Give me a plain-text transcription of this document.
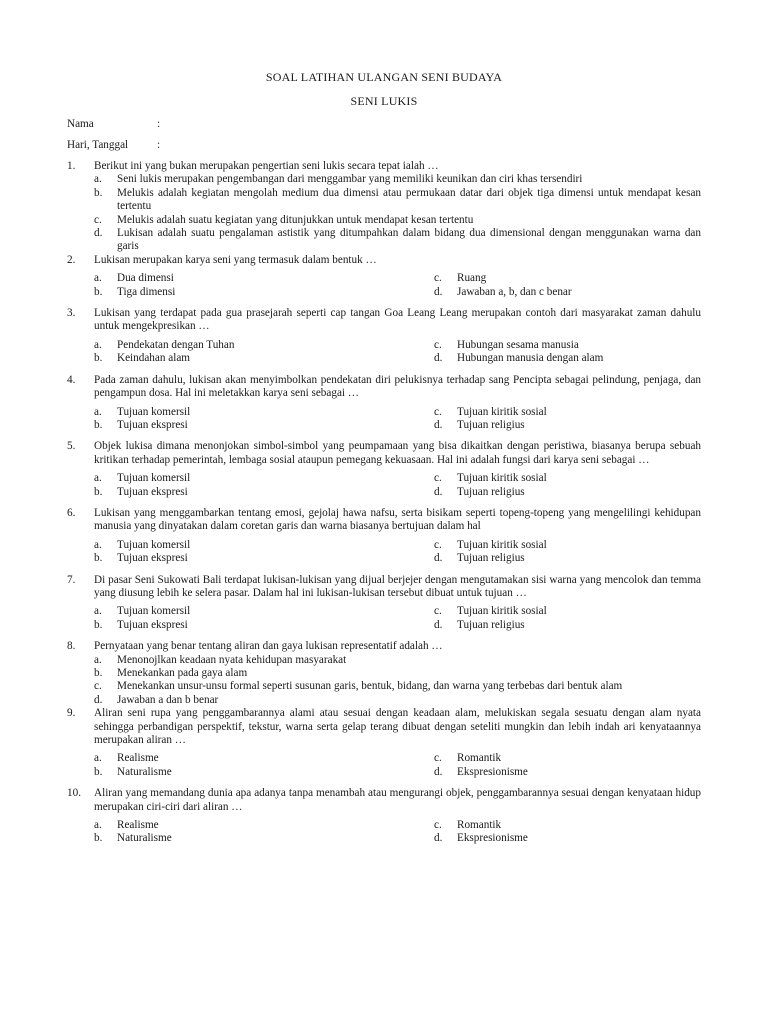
SOAL LATIHAN ULANGAN SENI BUDAYA
SENI LUKIS
Nama	:
Hari, Tanggal	:
1. Berikut ini yang bukan merupakan pengertian seni lukis secara tepat ialah …
a. Seni lukis merupakan pengembangan dari menggambar yang memiliki keunikan dan ciri khas tersendiri
b. Melukis adalah kegiatan mengolah medium dua dimensi atau permukaan datar dari objek tiga dimensi untuk mendapat kesan tertentu
c. Melukis adalah suatu kegiatan yang ditunjukkan untuk mendapat kesan tertentu
d. Lukisan adalah suatu pengalaman astistik yang ditumpahkan dalam bidang dua dimensional dengan menggunakan warna dan garis
2. Lukisan merupakan karya seni yang termasuk dalam bentuk …
a. Dua dimensi	c. Ruang
b. Tiga dimensi	d. Jawaban a, b, dan c benar
3. Lukisan yang terdapat pada gua prasejarah seperti cap tangan Goa Leang Leang merupakan contoh dari masyarakat zaman dahulu untuk mengekpresikan …
a. Pendekatan dengan Tuhan	c. Hubungan sesama manusia
b. Keindahan alam	d. Hubungan manusia dengan alam
4. Pada zaman dahulu, lukisan akan menyimbolkan pendekatan diri pelukisnya terhadap sang Pencipta sebagai pelindung, penjaga, dan pengampun dosa. Hal ini meletakkan karya seni sebagai …
a. Tujuan komersil	c. Tujuan kiritik sosial
b. Tujuan ekspresi	d. Tujuan religius
5. Objek lukisa dimana menonjokan simbol-simbol yang peumpamaan yang bisa dikaitkan dengan peristiwa, biasanya berupa sebuah kritikan terhadap pemerintah, lembaga sosial ataupun pemegang kekuasaan. Hal ini adalah fungsi dari karya seni sebagai …
a. Tujuan komersil	c. Tujuan kiritik sosial
b. Tujuan ekspresi	d. Tujuan religius
6. Lukisan yang menggambarkan tentang emosi, gejolaj hawa nafsu, serta bisikam seperti topeng-topeng yang mengelilingi kehidupan manusia yang dinyatakan dalam coretan garis dan warna biasanya bertujuan dalam hal
a. Tujuan komersil	c. Tujuan kiritik sosial
b. Tujuan ekspresi	d. Tujuan religius
7. Di pasar Seni Sukowati Bali terdapat lukisan-lukisan yang dijual berjejer dengan mengutamakan sisi warna yang mencolok dan temma yang diusung lebih ke selera pasar. Dalam hal ini lukisan-lukisan tersebut dibuat untuk tujuan …
a. Tujuan komersil	c. Tujuan kiritik sosial
b. Tujuan ekspresi	d. Tujuan religius
8. Pernyataan yang benar tentang aliran dan gaya lukisan representatif adalah …
a. Menonojlkan keadaan nyata kehidupan masyarakat
b. Menekankan pada gaya alam
c. Menekankan unsur-unsu formal seperti susunan garis, bentuk, bidang, dan warna yang terbebas dari bentuk alam
d. Jawaban a dan b benar
9. Aliran seni rupa yang penggambarannya alami atau sesuai dengan keadaan alam, melukiskan segala sesuatu dengan alam nyata sehingga perbandigan perspektif, tekstur, warna serta gelap terang dibuat dengan seteliti mungkin dan lebih indah ari kenyataannya merupakan aliran …
a. Realisme	c. Romantik
b. Naturalisme	d. Ekspresionisme
10. Aliran yang memandang dunia apa adanya tanpa menambah atau mengurangi objek, penggambarannya sesuai dengan kenyataan hidup merupakan ciri-ciri dari aliran …
a. Realisme	c. Romantik
b. Naturalisme	d. Ekspresionisme
